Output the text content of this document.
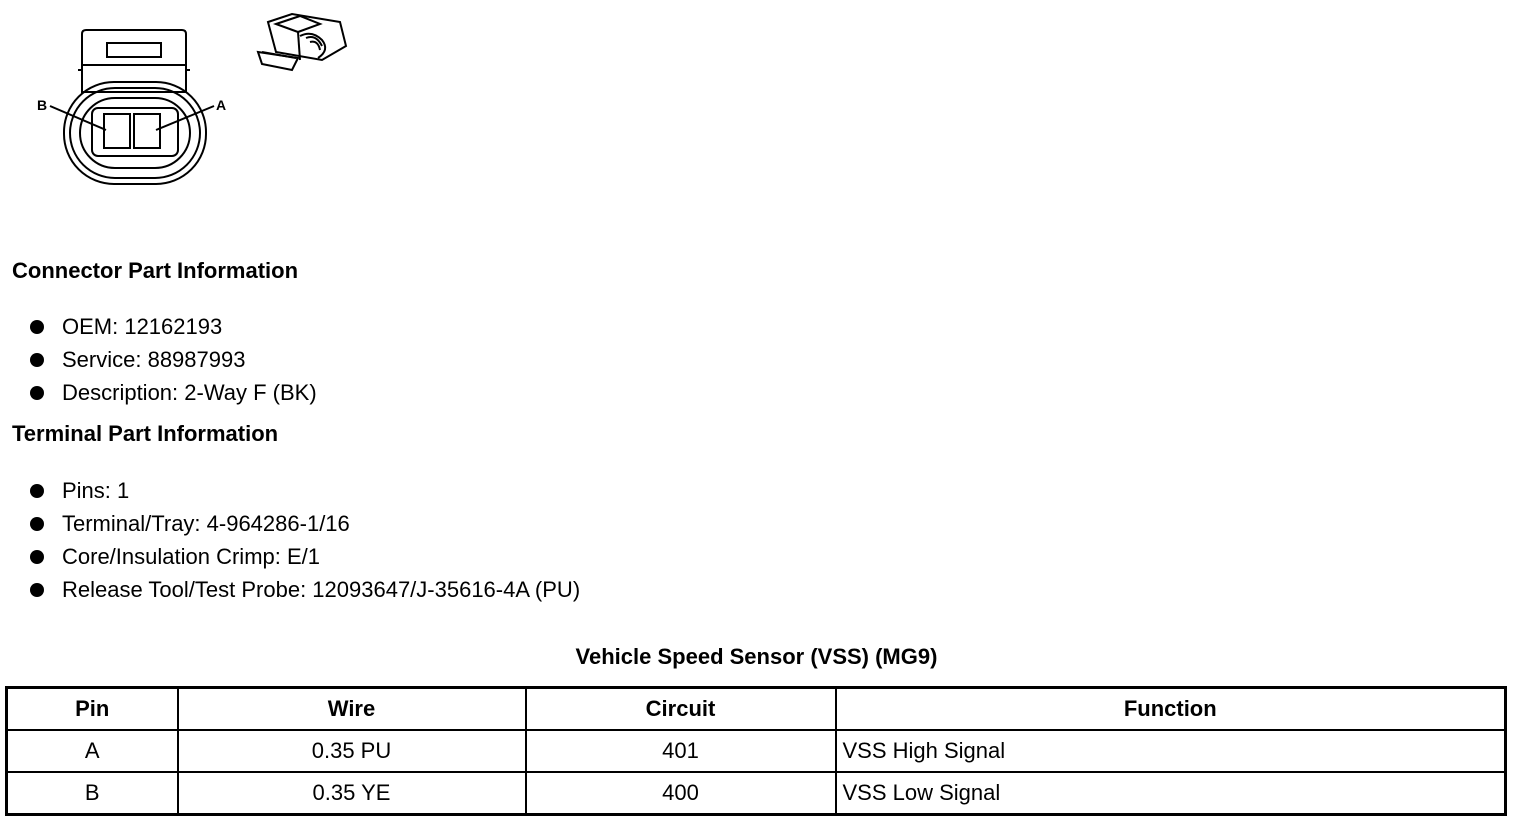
B	A
Connector Part Information
OEM: 12162193
Service: 88987993
Description: 2-Way F (BK)
Terminal Part Information
Pins: 1
Terminal/Tray: 4-964286-1/16
Core/Insulation Crimp: E/1
Release Tool/Test Probe: 12093647/J-35616-4A (PU)
Vehicle Speed Sensor (VSS) (MG9)
Pin	Wire	Circuit	Function
A	0.35 PU	401	VSS High Signal
B	0.35 YE	400	VSS Low Signal
